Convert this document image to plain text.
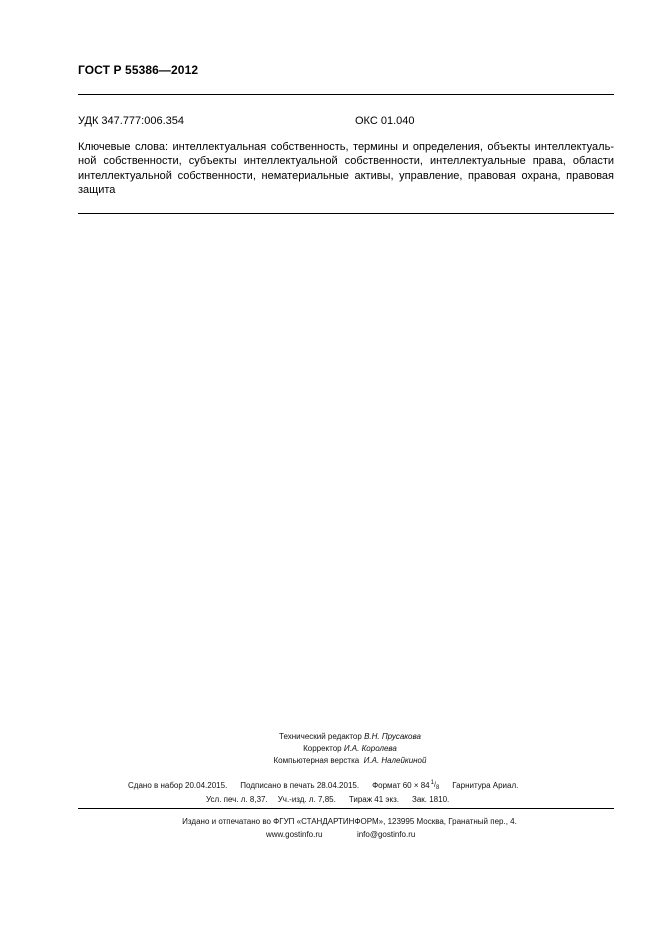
ГОСТ Р 55386—2012
УДК 347.777:006.354	ОКС 01.040
Ключевые слова: интеллектуальная собственность, термины и определения, объекты интеллектуаль-
ной собственности, субъекты интеллектуальной собственности, интеллектуальные права, области
интеллектуальной собственности, нематериальные активы, управление, правовая охрана, правовая
защита
Технический редактор В.Н. Прусакова
Корректор И.А. Королева
Компьютерная верстка И.А. Налейкиной
Сдано в набор 20.04.2015. Подписано в печать 28.04.2015. Формат $60 \times 84^1/_8$ Гарнитура Ариал.
Усл. печ. л. 8,37. Уч.-изд. л. 7,85. Тираж 41 экз. Зак. 1810.
Издано и отпечатано во ФГУП «СТАНДАРТИНФОРМ», 123995 Москва, Гранатный пер., 4.
www.gostinfo.ru	info@gostinfo.ru
